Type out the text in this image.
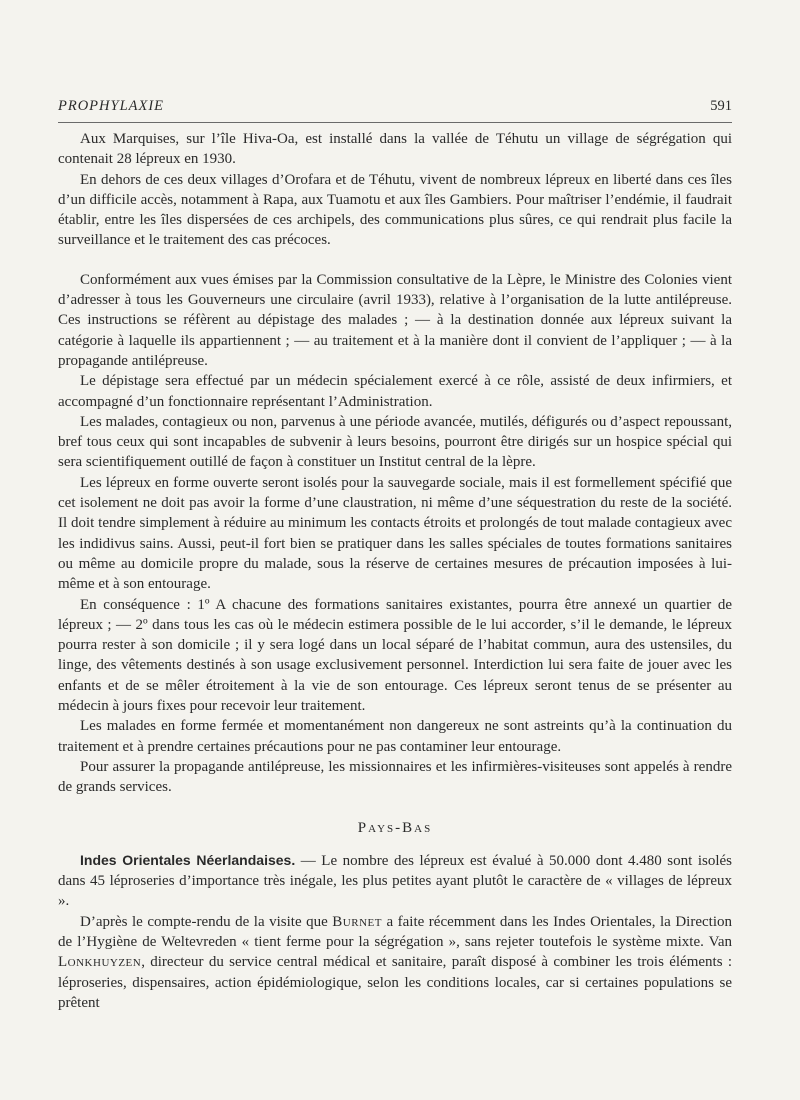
PROPHYLAXIE	591

Aux Marquises, sur l’île Hiva-Oa, est installé dans la vallée de Téhutu un village de ségrégation qui contenait 28 lépreux en 1930.

En dehors de ces deux villages d’Orofara et de Téhutu, vivent de nombreux lépreux en liberté dans ces îles d’un difficile accès, notamment à Rapa, aux Tuamotu et aux îles Gambiers. Pour maîtriser l’endémie, il faudrait établir, entre les îles dispersées de ces archipels, des communications plus sûres, ce qui rendrait plus facile la surveillance et le traitement des cas précoces.

Conformément aux vues émises par la Commission consultative de la Lèpre, le Ministre des Colonies vient d’adresser à tous les Gouverneurs une circulaire (avril 1933), relative à l’organisation de la lutte antilépreuse. Ces instructions se réfèrent au dépistage des malades ; — à la destination donnée aux lépreux suivant la catégorie à laquelle ils appartiennent ; — au traitement et à la manière dont il convient de l’appliquer ; — à la propagande antilépreuse.

Le dépistage sera effectué par un médecin spécialement exercé à ce rôle, assisté de deux infirmiers, et accompagné d’un fonctionnaire représentant l’Administration.

Les malades, contagieux ou non, parvenus à une période avancée, mutilés, défigurés ou d’aspect repoussant, bref tous ceux qui sont incapables de subvenir à leurs besoins, pourront être dirigés sur un hospice spécial qui sera scientifiquement outillé de façon à constituer un Institut central de la lèpre.

Les lépreux en forme ouverte seront isolés pour la sauvegarde sociale, mais il est formellement spécifié que cet isolement ne doit pas avoir la forme d’une claustration, ni même d’une séquestration du reste de la société. Il doit tendre simplement à réduire au minimum les contacts étroits et prolongés de tout malade contagieux avec les indidivus sains. Aussi, peut-il fort bien se pratiquer dans les salles spéciales de toutes formations sanitaires ou même au domicile propre du malade, sous la réserve de certaines mesures de précaution imposées à lui-même et à son entourage.

En conséquence : 1º A chacune des formations sanitaires existantes, pourra être annexé un quartier de lépreux ; — 2º dans tous les cas où le médecin estimera possible de le lui accorder, s’il le demande, le lépreux pourra rester à son domicile ; il y sera logé dans un local séparé de l’habitat commun, aura des ustensiles, du linge, des vêtements destinés à son usage exclusivement personnel. Interdiction lui sera faite de jouer avec les enfants et de se mêler étroitement à la vie de son entourage. Ces lépreux seront tenus de se présenter au médecin à jours fixes pour recevoir leur traitement.

Les malades en forme fermée et momentanément non dangereux ne sont astreints qu’à la continuation du traitement et à prendre certaines précautions pour ne pas contaminer leur entourage.

Pour assurer la propagande antilépreuse, les missionnaires et les infirmières-visiteuses sont appelés à rendre de grands services.

Pays-Bas

Indes Orientales Néerlandaises. — Le nombre des lépreux est évalué à 50.000 dont 4.480 sont isolés dans 45 léproseries d’importance très inégale, les plus petites ayant plutôt le caractère de « villages de lépreux ».

D’après le compte-rendu de la visite que Burnet a faite récemment dans les Indes Orientales, la Direction de l’Hygiène de Weltevreden « tient ferme pour la ségrégation », sans rejeter toutefois le système mixte. Van Lonkhuyzen, directeur du service central médical et sanitaire, paraît disposé à combiner les trois éléments : léproseries, dispensaires, action épidémiologique, selon les conditions locales, car si certaines populations se prêtent
